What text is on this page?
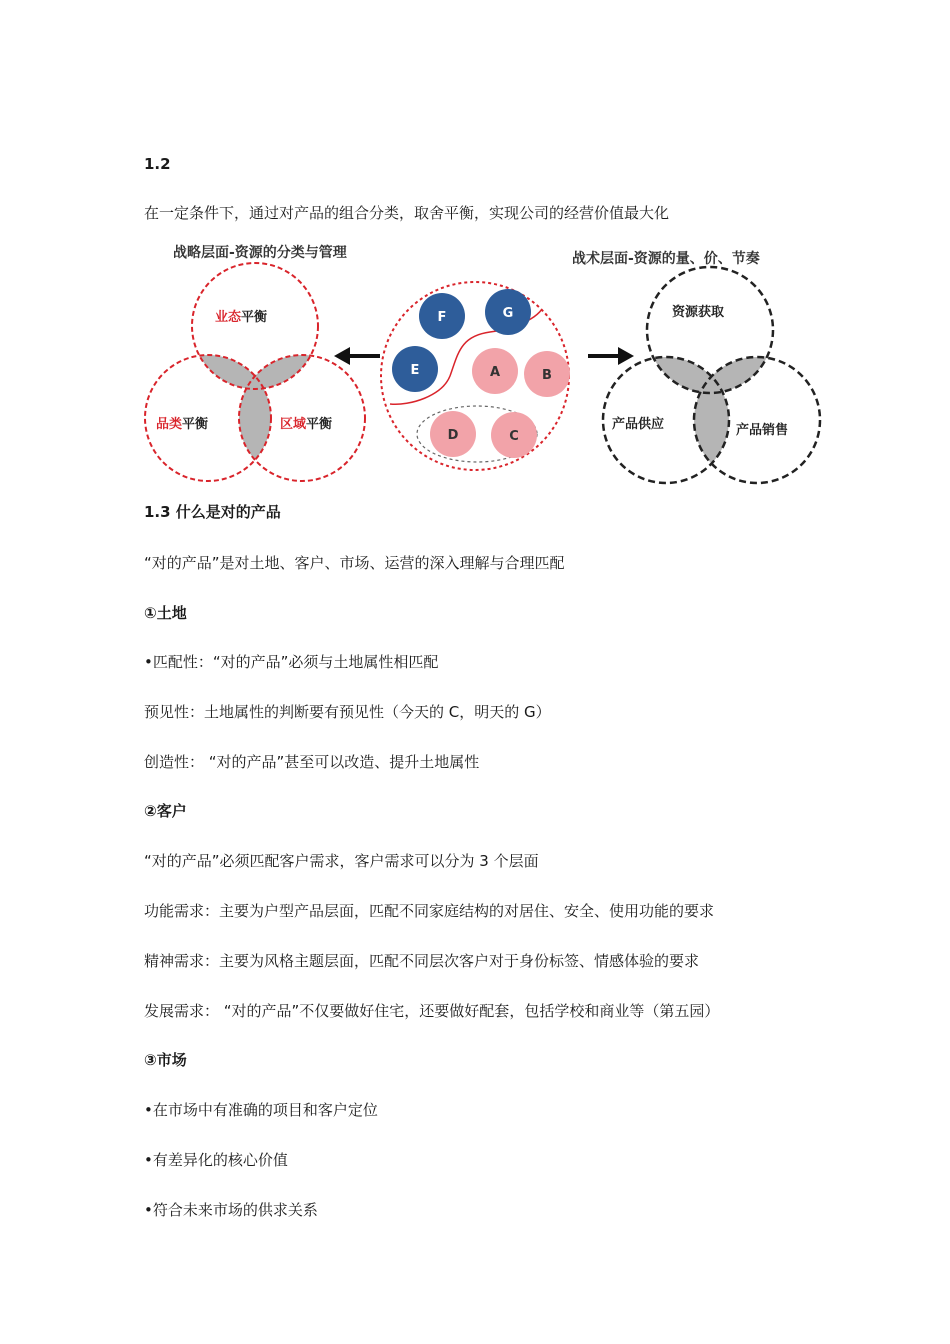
1.2
在一定条件下，通过对产品的组合分类，取舍平衡，实现公司的经营价值最大化
战略层面-资源的分类与管理	战术层面-资源的量、价、节奏
业态平衡
品类平衡	区域平衡
F	G
E	A	B
D	C
资源获取
产品供应	产品销售
1.3 什么是对的产品
“对的产品”是对土地、客户、市场、运营的深入理解与合理匹配
①土地
•匹配性：“对的产品”必须与土地属性相匹配
预见性：土地属性的判断要有预见性（今天的 C，明天的 G）
创造性： “对的产品”甚至可以改造、提升土地属性
②客户
“对的产品”必须匹配客户需求，客户需求可以分为 3 个层面
功能需求：主要为户型产品层面，匹配不同家庭结构的对居住、安全、使用功能的要求
精神需求：主要为风格主题层面，匹配不同层次客户对于身份标签、情感体验的要求
发展需求： “对的产品”不仅要做好住宅，还要做好配套，包括学校和商业等（第五园）
③市场
•在市场中有准确的项目和客户定位
•有差异化的核心价值
•符合未来市场的供求关系
